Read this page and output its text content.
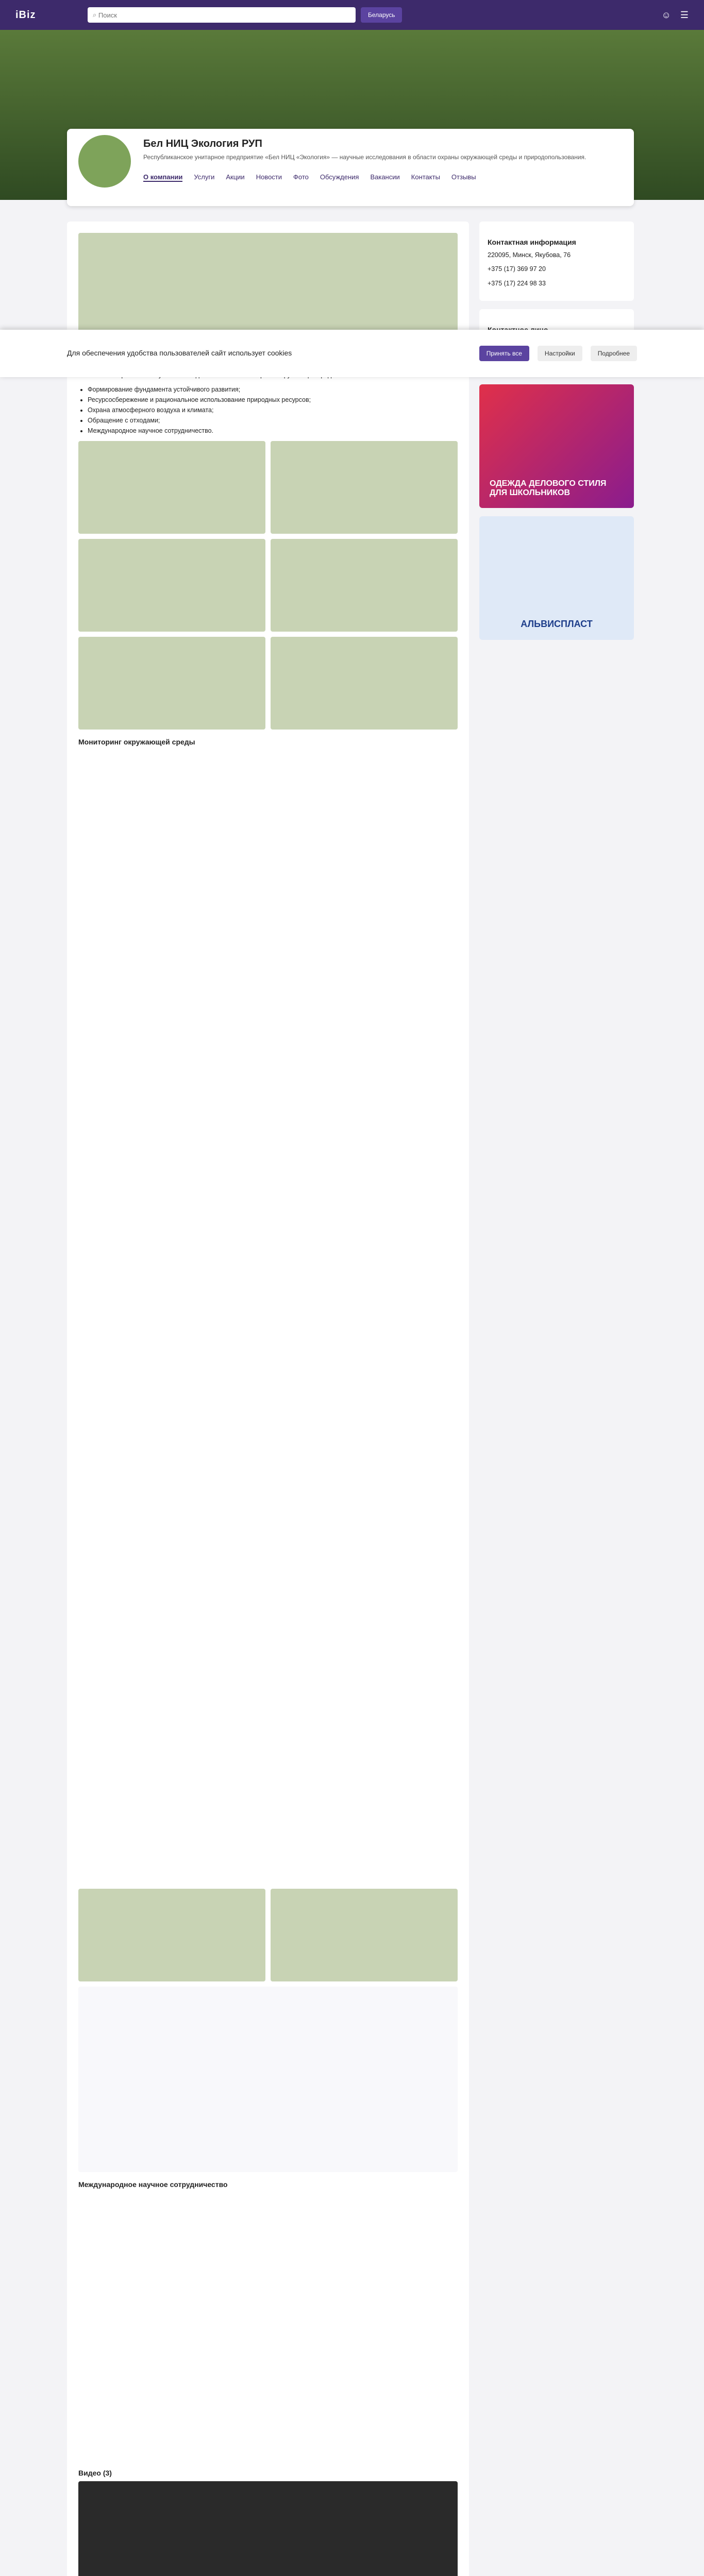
iBiz	⌕

Поиск	Беларусь	☺ ☰
Бел НИЦ Экология РУП
Республиканское унитарное предприятие «Бел НИЦ «Экология» — научные исследования в области охраны окружающей среды и природопользования.
О компании Услуги Акции Новости Фото Обсуждения Вакансии Контакты Отзывы

• Формирование фундамента устойчивого развития;
• Ресурсосбережение и рациональное использование природных ресурсов;
• Охрана атмосферного воздуха и климата;
• Обращение с отходами;
• Международное научное сотрудничество.
Мониторинг окружающей среды
Международное научное сотрудничество
Видео (3)
Контактная информация

220095, Минск, Якубова, 76

+375 (17) 369 97 20

+375 (17) 224 98 33

ОДЕЖДА ДЕЛОВОГО СТИЛЯ ДЛЯ ШКОЛЬНИКОВ
АЛЬВИСПЛАСТ

Для обеспечения удобства пользователей сайт использует cookies	Принять все	Настройки	Подробнее
